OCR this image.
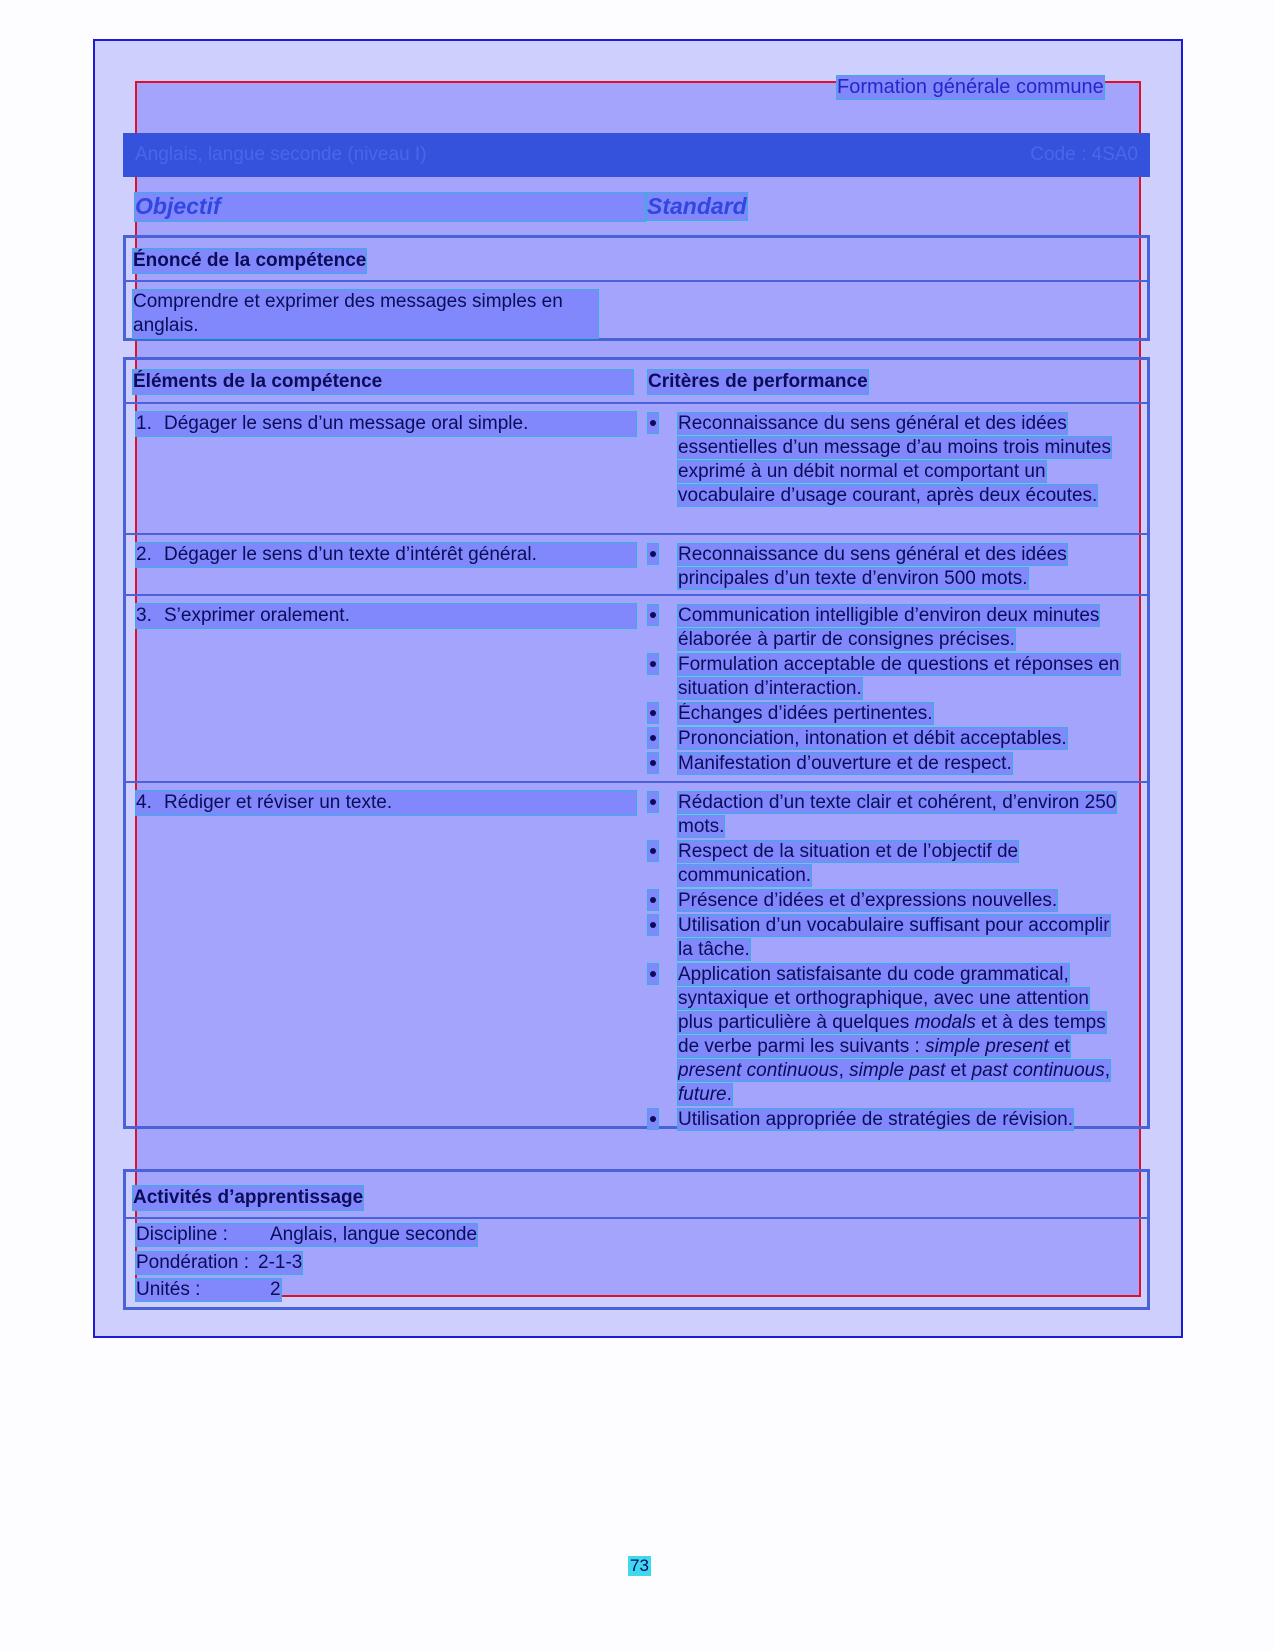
Formation générale commune
Anglais, langue seconde (niveau I)	Code : 4SA0
Objectif	Standard
Énoncé de la compétence
Comprendre et exprimer des messages simples en anglais.
Éléments de la compétence	Critères de performance
1. Dégager le sens d’un message oral simple.	Reconnaissance du sens général et des idées essentielles d’un message d’au moins trois minutes exprimé à un débit normal et comportant un vocabulaire d’usage courant, après deux écoutes.
2. Dégager le sens d’un texte d’intérêt général.	Reconnaissance du sens général et des idées principales d’un texte d’environ 500 mots.
3. S’exprimer oralement.	Communication intelligible d’environ deux minutes élaborée à partir de consignes précises.
Formulation acceptable de questions et réponses en situation d’interaction.
Échanges d’idées pertinentes.
Prononciation, intonation et débit acceptables.
Manifestation d’ouverture et de respect.
4. Rédiger et réviser un texte.	Rédaction d’un texte clair et cohérent, d’environ 250 mots.
Respect de la situation et de l’objectif de communication.
Présence d’idées et d’expressions nouvelles.
Utilisation d’un vocabulaire suffisant pour accomplir la tâche.
Application satisfaisante du code grammatical, syntaxique et orthographique, avec une attention plus particulière à quelques modals et à des temps de verbe parmi les suivants : simple present et present continuous, simple past et past continuous, future.
Utilisation appropriée de stratégies de révision.
Activités d’apprentissage
Discipline : Anglais, langue seconde
Pondération : 2-1-3
Unités :	2
73
